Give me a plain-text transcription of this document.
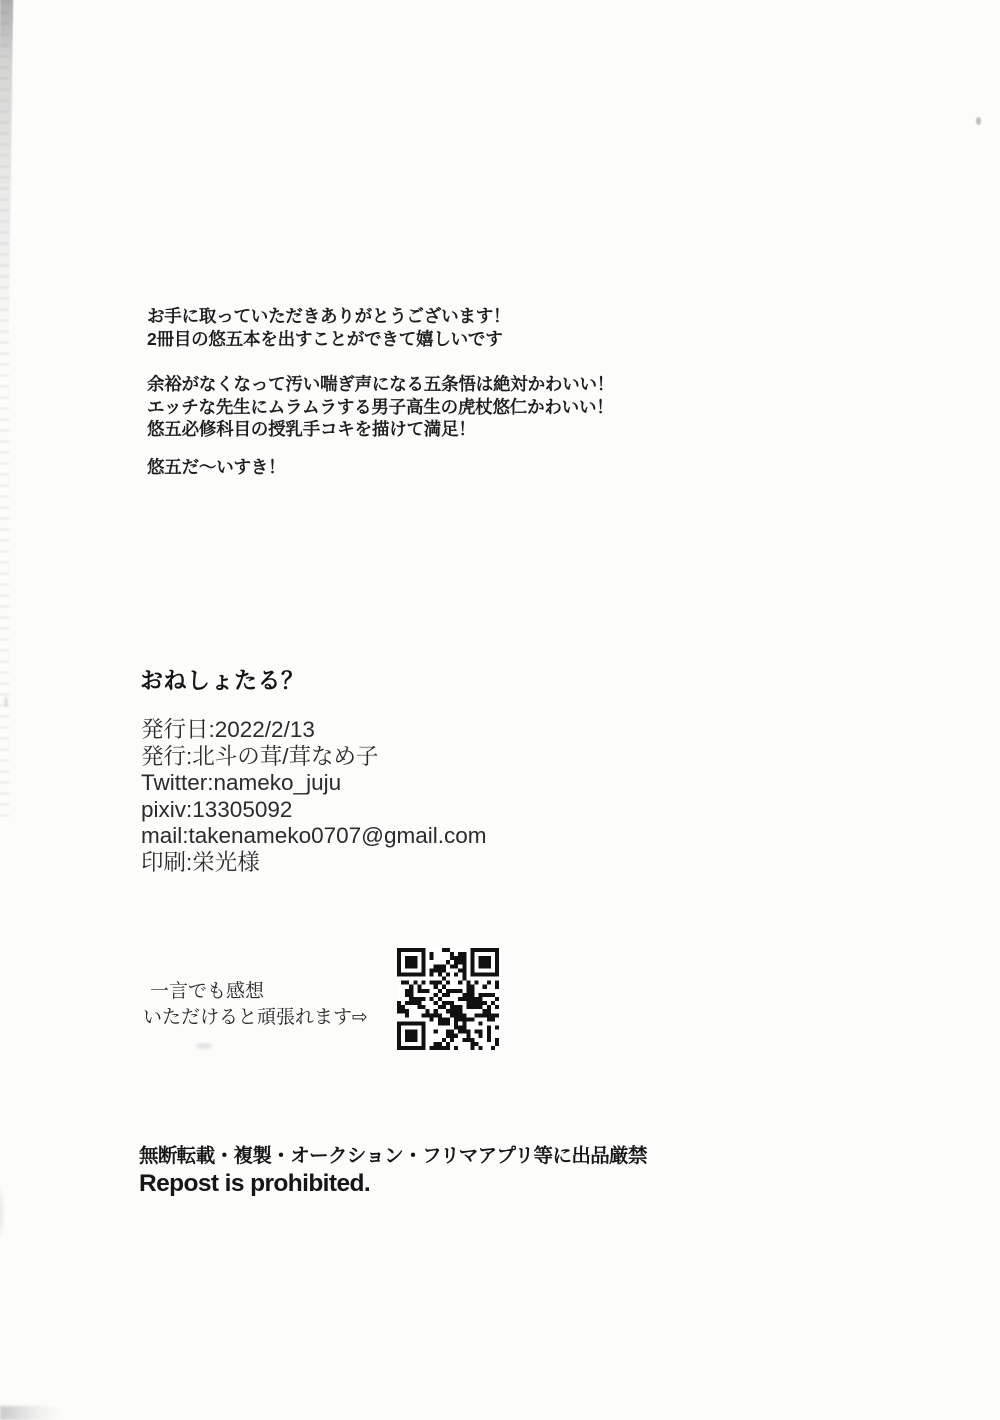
お手に取っていただきありがとうございます！
2冊目の悠五本を出すことができて嬉しいです

余裕がなくなって汚い喘ぎ声になる五条悟は絶対かわいい！
エッチな先生にムラムラする男子高生の虎杖悠仁かわいい！
悠五必修科目の授乳手コキを描けて満足！

悠五だ〜いすき！

おねしょたる？
発行日:2022/2/13
発行:北斗の茸/茸なめ子
Twitter:nameko_juju
pixiv:13305092
mail:takenameko0707@gmail.com
印刷:栄光様
一言でも感想
いただけると頑張れます⇨
無断転載・複製・オークション・フリマアプリ等に出品厳禁
Repost is prohibited.
